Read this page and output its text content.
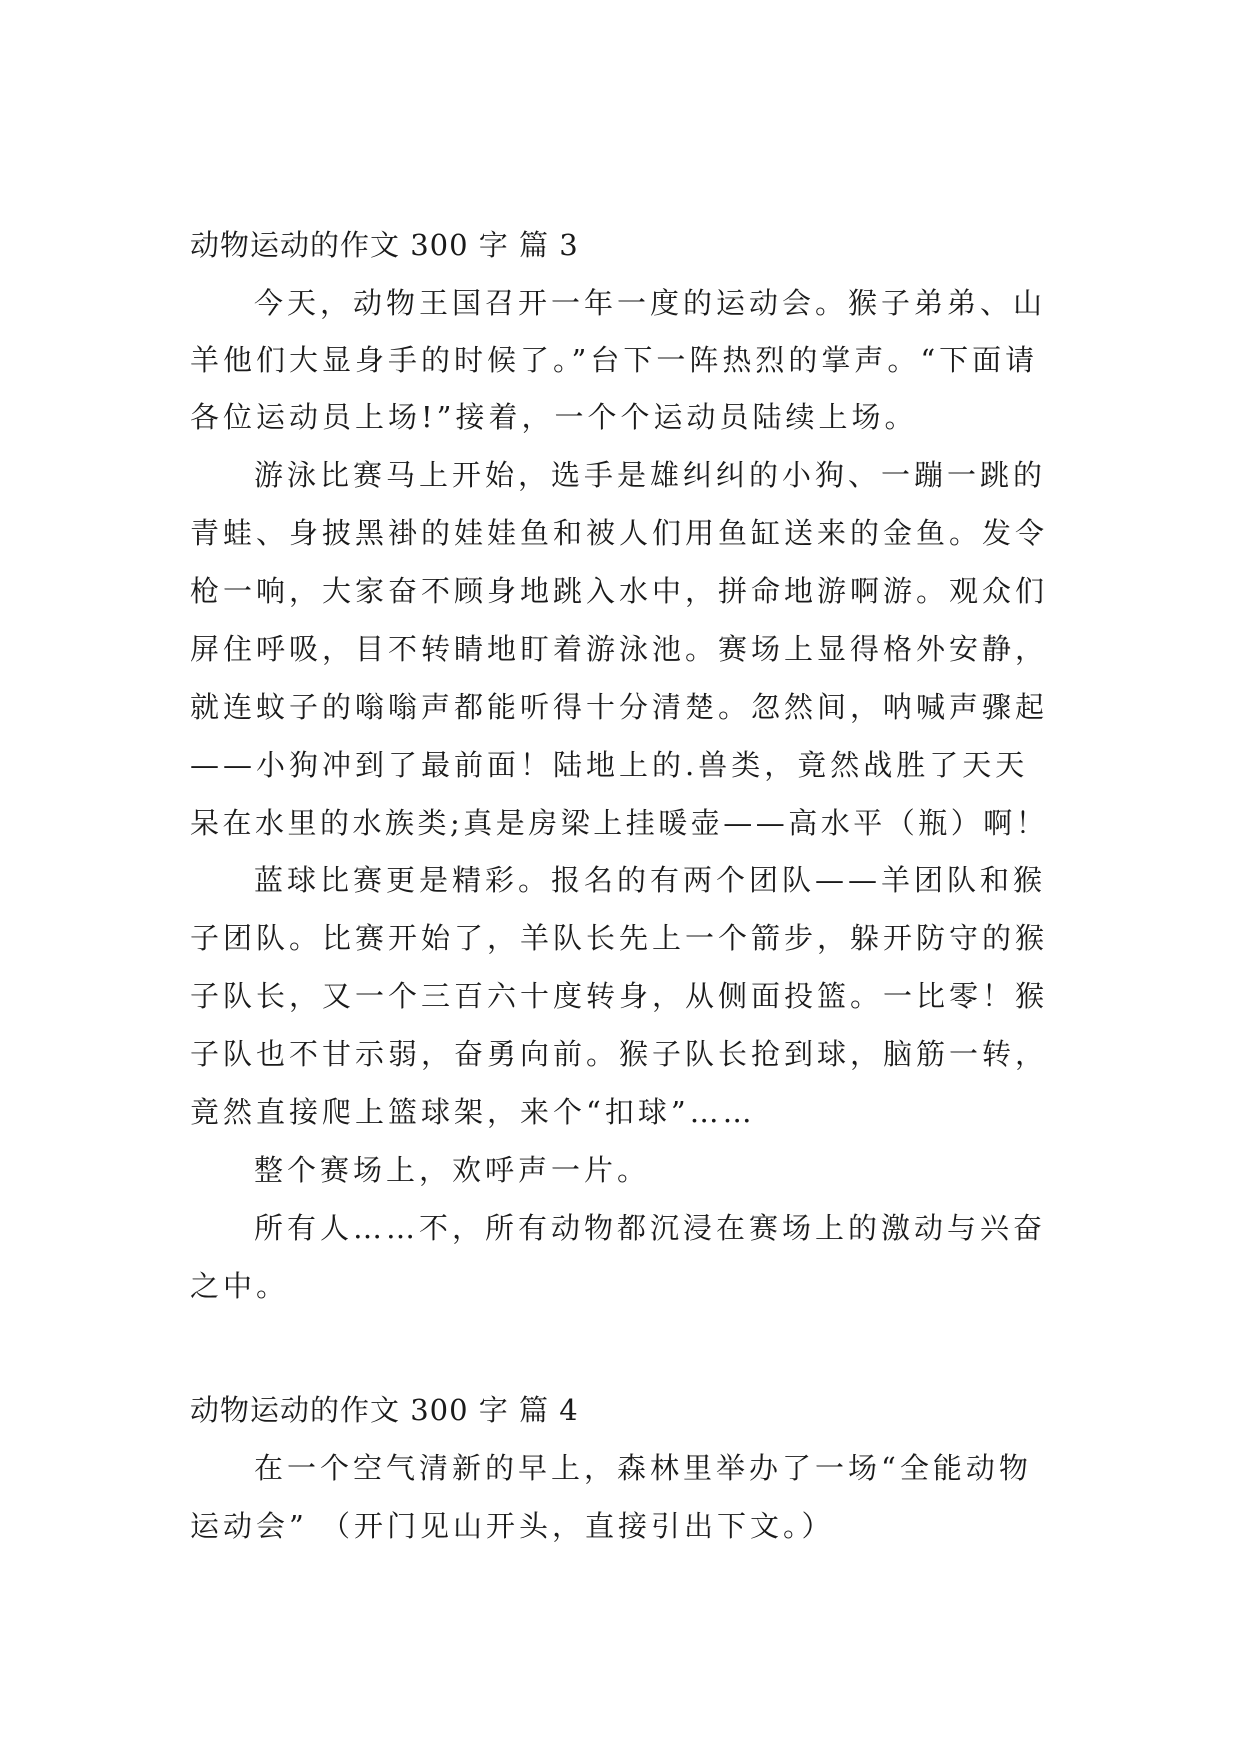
动物运动的作文 300 字 篇 3
今天，动物王国召开一年一度的运动会。猴子弟弟、山
羊他们大显身手的时候了。”台下一阵热烈的掌声。“下面请
各位运动员上场!”接着，一个个运动员陆续上场。
游泳比赛马上开始，选手是雄纠纠的小狗、一蹦一跳的
青蛙、身披黑褂的娃娃鱼和被人们用鱼缸送来的金鱼。发令
枪一响，大家奋不顾身地跳入水中，拼命地游啊游。观众们
屏住呼吸，目不转睛地盯着游泳池。赛场上显得格外安静，
就连蚊子的嗡嗡声都能听得十分清楚。忽然间，呐喊声骤起
——小狗冲到了最前面！陆地上的.兽类，竟然战胜了天天
呆在水里的水族类;真是房梁上挂暖壶——高水平（瓶）啊！
蓝球比赛更是精彩。报名的有两个团队——羊团队和猴
子团队。比赛开始了，羊队长先上一个箭步，躲开防守的猴
子队长，又一个三百六十度转身，从侧面投篮。一比零！猴
子队也不甘示弱，奋勇向前。猴子队长抢到球，脑筋一转，
竟然直接爬上篮球架，来个“扣球”……
整个赛场上，欢呼声一片。
所有人……不，所有动物都沉浸在赛场上的激动与兴奋
之中。
动物运动的作文 300 字 篇 4
在一个空气清新的早上，森林里举办了一场“全能动物
运动会” （开门见山开头，直接引出下文。）
